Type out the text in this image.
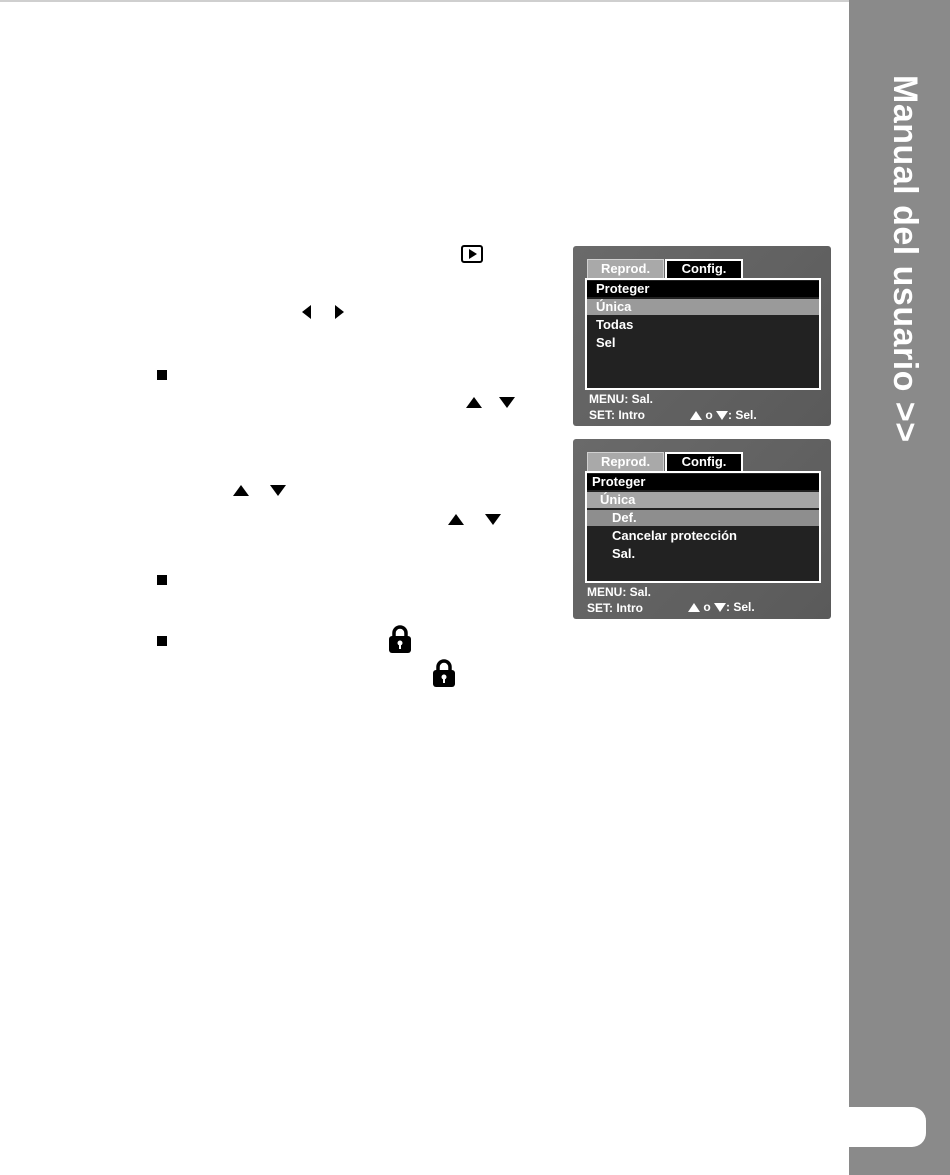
Manual del usuario >>
Reprod.	Config.
Proteger
Única
Todas
Sel
MENU: Sal.
SET: Intro	o : Sel.
Reprod.	Config.
Proteger
Única
Def.
Cancelar protección
Sal.
MENU: Sal.
SET: Intro	o : Sel.
